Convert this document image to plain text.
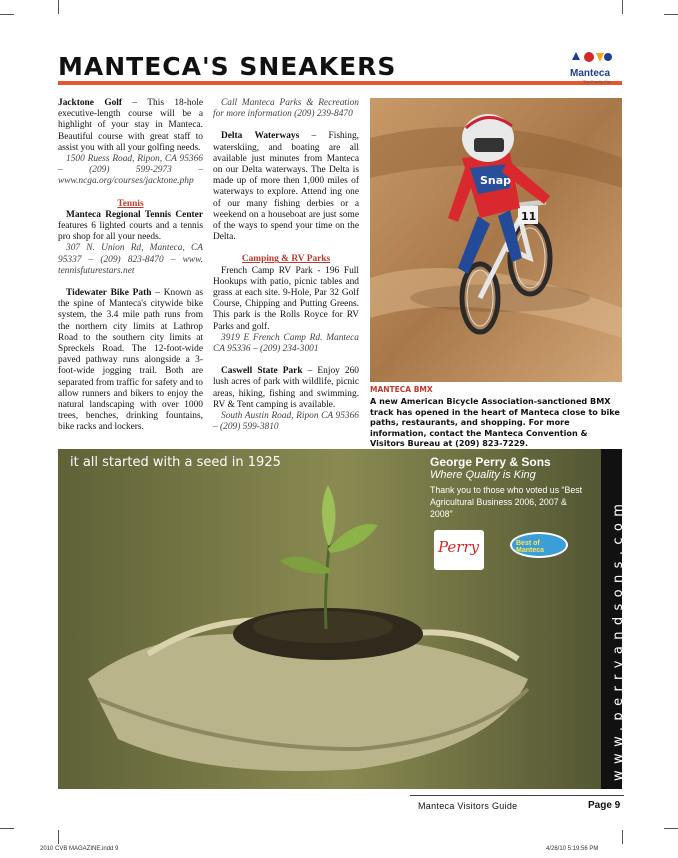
MANTECA'S SNEAKERS	Manteca
The Family City

Jacktone Golf – This 18-hole executive-length course will be a highlight of your stay in Manteca. Beautiful course with great staff to assist you with all your golfing needs.

1500 Ruess Road, Ripon, CA 95366 – (209) 599-2973 – www.ncga.org/courses/jacktone.php

Tennis

Manteca Regional Tennis Center features 6 lighted courts and a tennis pro shop for all your needs.

307 N. Union Rd, Manteca, CA 95337 – (209) 823-8470 – www. tennisfuturestars.net

Tidewater Bike Path – Known as the spine of Manteca's citywide bike system, the 3.4 mile path runs from the northern city limits at Lathrop Road to the southern city limits at Spreckels Road. The 12-foot-wide paved pathway runs alongside a 3-foot-wide jogging trail. Both are separated from traffic for safety and to allow runners and bikers to enjoy the natural landscaping with over 1000 trees, benches, drinking fountains, bike racks and lockers.

Call Manteca Parks & Recreation for more information (209) 239-8470

Delta Waterways – Fishing, waterskiing, and boating are all available just minutes from Manteca on our Delta waterways. The Delta is made up of more then 1,000 miles of waterways to explore. Attend ing one of our many fishing derbies or a weekend on a houseboat are just some of the ways to spend your time on the Delta.

Camping & RV Parks

French Camp RV Park - 196 Full Hookups with patio, picnic tables and grass at each site. 9-Hole, Par 32 Golf Course, Chipping and Putting Greens. This park is the Rolls Royce for RV Parks and golf.

3919 E French Camp Rd. Manteca CA 95336 – (209) 234-3001

Caswell State Park – Enjoy 260 lush acres of park with wildlife, picnic areas, hiking, fishing and swimming. RV & Tent camping is available.

South Austin Road, Ripon CA 95366 – (209) 599-3810

Snap
11
MANTECA BMX
A new American Bicycle Association-sanctioned BMX track has opened in the heart of Manteca close to bike paths, restaurants, and shopping. For more information, contact the Manteca Convention & Visitors Bureau at (209) 823-7229.
it all started with a seed in 1925	George Perry & Sons
Where Quality is King
Thank you to those who voted us “Best Agricultural Business 2006, 2007 & 2008”
Perry	Best of Manteca	www.perryandsons.com
Manteca Visitors Guide	Page 9
2010 CVB MAGAZINE.indd 9	4/26/10 5:19:56 PM
